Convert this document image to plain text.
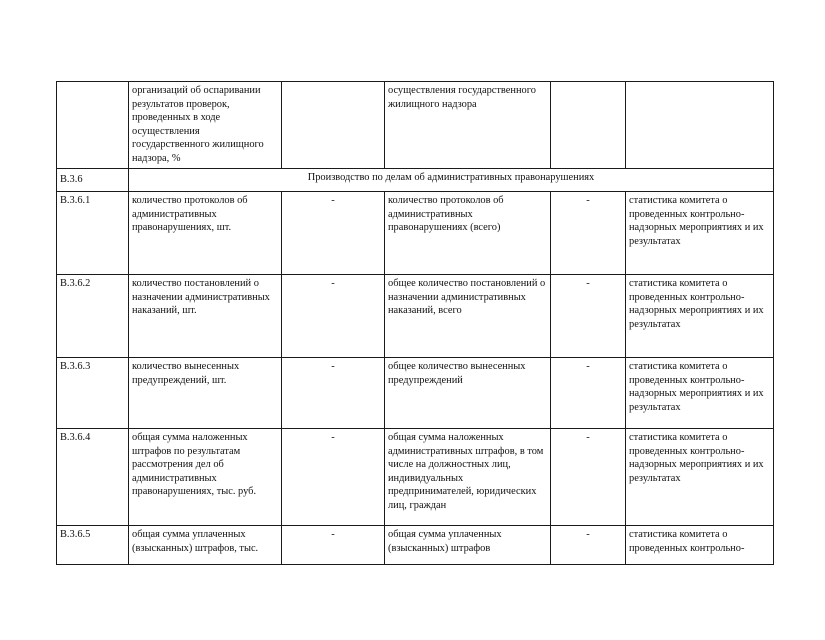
	организаций об оспаривании результатов проверок, проведенных в ходе осуществления государственного жилищного надзора, %		осуществления государственного жилищного надзора		
В.3.6	Производство по делам об административных правонарушениях				
В.3.6.1	количество протоколов об административных правонарушениях, шт.	-	количество протоколов об административных правонарушениях (всего)	-	статистика комитета о проведенных контрольно-надзорных мероприятиях и их результатах
В.3.6.2	количество постановлений о назначении административных наказаний, шт.	-	общее количество постановлений о назначении административных наказаний, всего	-	статистика комитета о проведенных контрольно-надзорных мероприятиях и их результатах
В.3.6.3	количество вынесенных предупреждений, шт.	-	общее количество вынесенных предупреждений	-	статистика комитета о проведенных контрольно-надзорных мероприятиях и их результатах
В.3.6.4	общая сумма наложенных штрафов по результатам рассмотрения дел об административных правонарушениях, тыс. руб.	-	общая сумма наложенных административных штрафов, в том числе на должностных лиц, индивидуальных предпринимателей, юридических лиц, граждан	-	статистика комитета о проведенных контрольно-надзорных мероприятиях и их результатах
В.3.6.5	общая сумма уплаченных (взысканных) штрафов, тыс.	-	общая сумма уплаченных (взысканных) штрафов	-	статистика комитета о проведенных контрольно-
